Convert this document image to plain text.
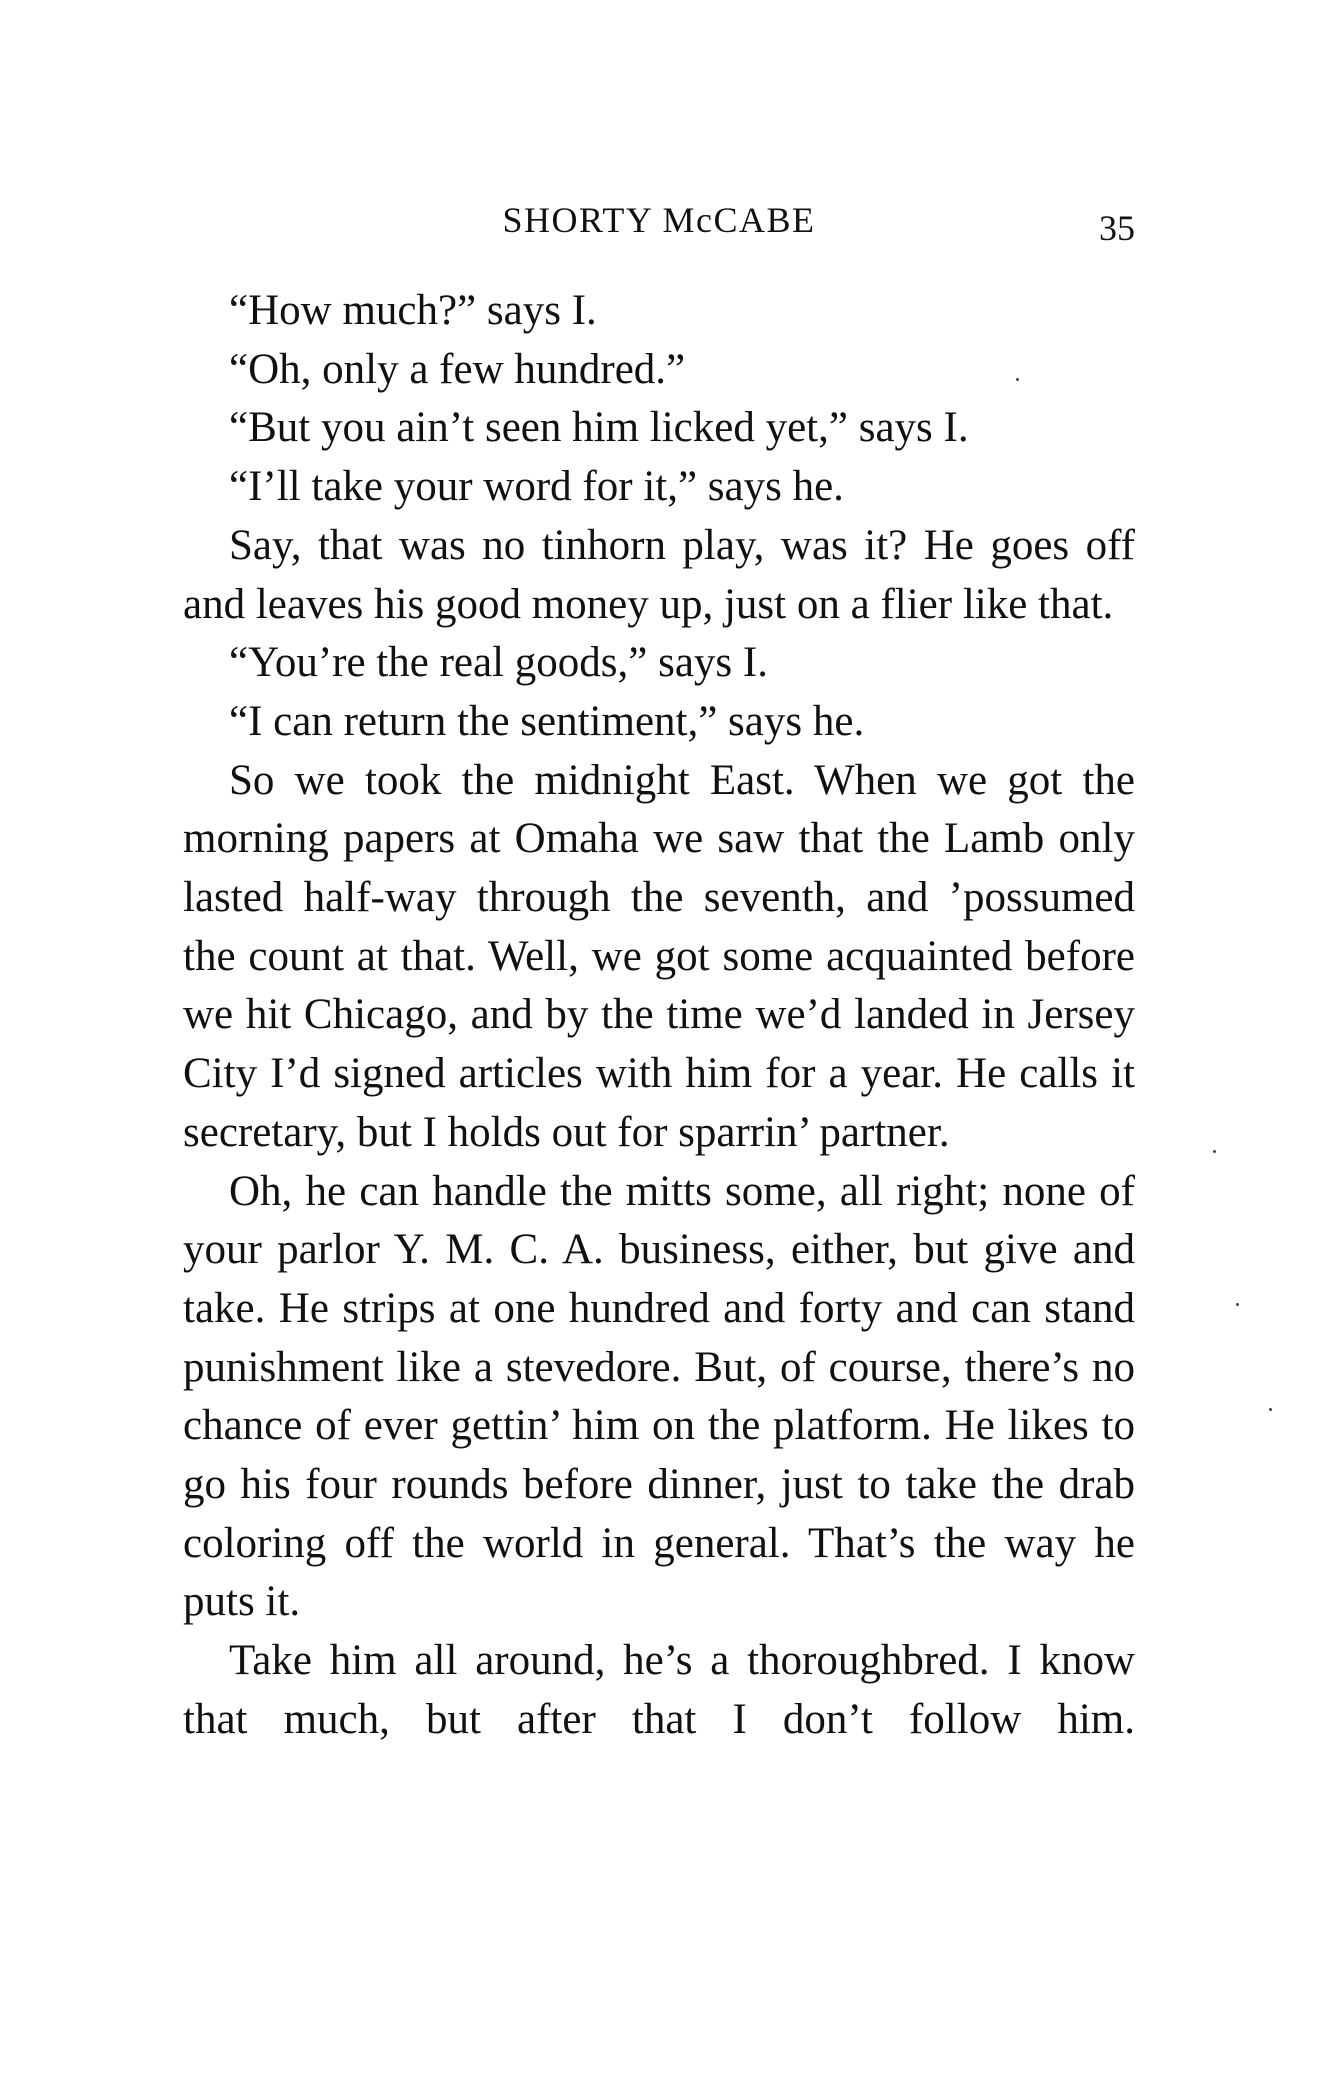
SHORTY McCABE	35

“How much?” says I.

“Oh, only a few hundred.”

“But you ain’t seen him licked yet,” says I.

“I’ll take your word for it,” says he.

Say, that was no tinhorn play, was it? He goes off and leaves his good money up, just on a flier like that.

“You’re the real goods,” says I.

“I can return the sentiment,” says he.

So we took the midnight East. When we got the morning papers at Omaha we saw that the Lamb only lasted half-way through the seventh, and ’possumed the count at that. Well, we got some acquainted before we hit Chicago, and by the time we’d landed in Jersey City I’d signed articles with him for a year. He calls it secretary, but I holds out for sparrin’ partner.

Oh, he can handle the mitts some, all right; none of your parlor Y. M. C. A. business, either, but give and take. He strips at one hundred and forty and can stand punishment like a stevedore. But, of course, there’s no chance of ever gettin’ him on the platform. He likes to go his four rounds before dinner, just to take the drab coloring off the world in general. That’s the way he puts it.

Take him all around, he’s a thoroughbred. I know that much, but after that I don’t follow him.
